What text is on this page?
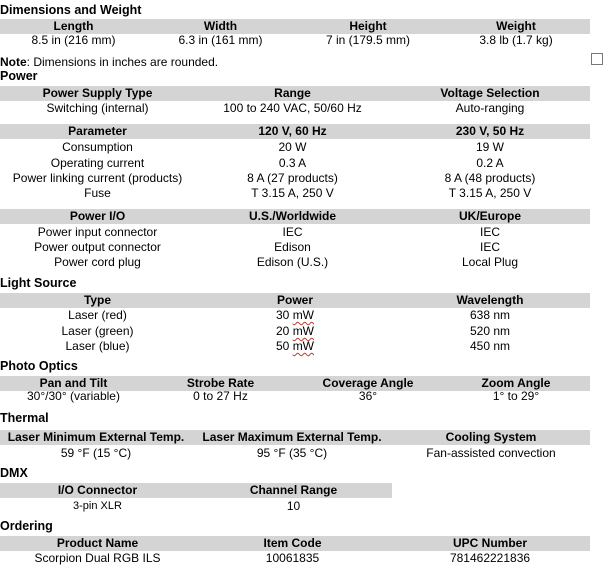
Dimensions and Weight
Length	Width	Height	Weight
8.5 in (216 mm)	6.3 in (161 mm)	7 in (179.5 mm)	3.8 lb (1.7 kg)
Note: Dimensions in inches are rounded.
Power
Power Supply Type	Range	Voltage Selection
Switching (internal)	100 to 240 VAC, 50/60 Hz	Auto-ranging
Parameter	120 V, 60 Hz	230 V, 50 Hz
Consumption	20 W	19 W
Operating current	0.3 A	0.2 A
Power linking current (products)	8 A (27 products)	8 A (48 products)
Fuse	T 3.15 A, 250 V	T 3.15 A, 250 V
Power I/O	U.S./Worldwide	UK/Europe
Power input connector	IEC	IEC
Power output connector	Edison	IEC
Power cord plug	Edison (U.S.)	Local Plug
Light Source
Type	Power	Wavelength
Laser (red)	30 mW	638 nm
Laser (green)	20 mW	520 nm
Laser (blue)	50 mW	450 nm
Photo Optics
Pan and Tilt	Strobe Rate	Coverage Angle	Zoom Angle
30°/30° (variable)	0 to 27 Hz	36°	1° to 29°
Thermal
Laser Minimum External Temp.	Laser Maximum External Temp.	Cooling System
59 °F (15 °C)	95 °F (35 °C)	Fan-assisted convection
DMX
I/O Connector	Channel Range
3-pin XLR	10
Ordering
Product Name	Item Code	UPC Number
Scorpion Dual RGB ILS	10061835	781462221836
